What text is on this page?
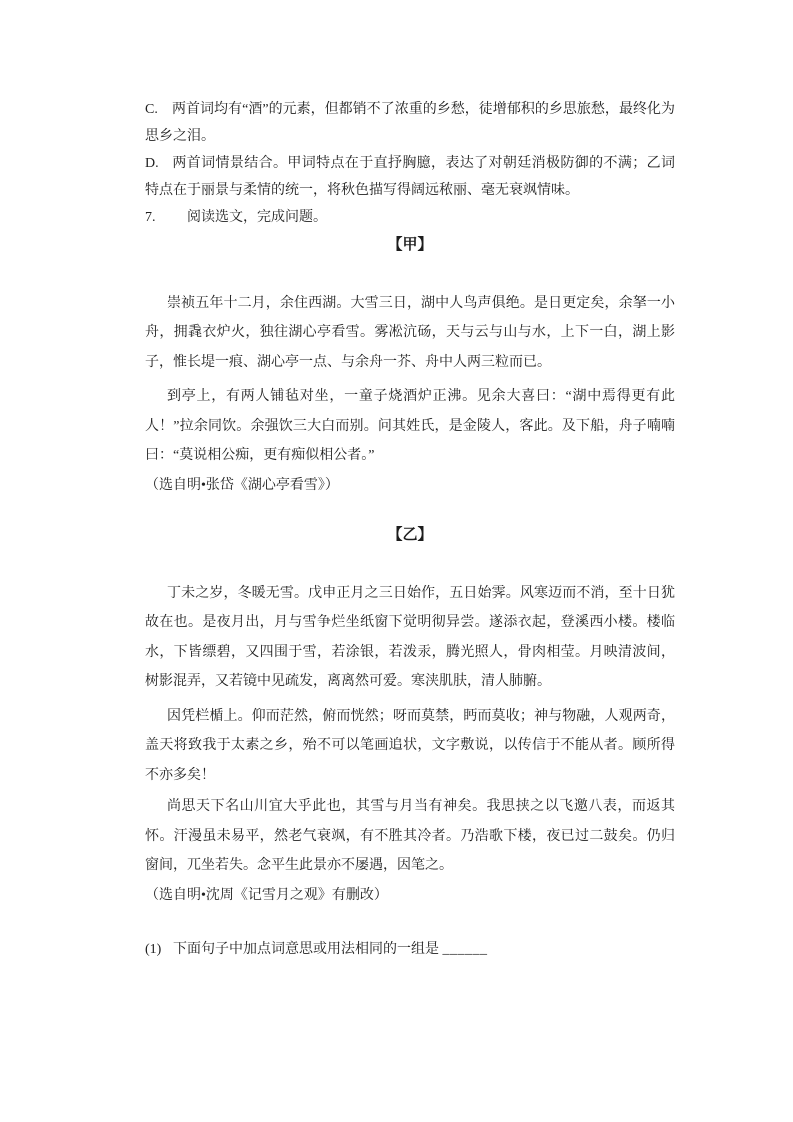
C. 两首词均有“酒”的元素，但都销不了浓重的乡愁，徒增郁积的乡思旅愁，最终化为思乡之泪。

D. 两首词情景结合。甲词特点在于直抒胸臆，表达了对朝廷消极防御的不满；乙词特点在于丽景与柔情的统一，将秋色描写得阔远秾丽、毫无衰飒情味。

7. 阅读选文，完成问题。

【甲】

崇祯五年十二月，余住西湖。大雪三日，湖中人鸟声俱绝。是日更定矣，余拏一小舟，拥毳衣炉火，独往湖心亭看雪。雾凇沆砀，天与云与山与水，上下一白，湖上影子，惟长堤一痕、湖心亭一点、与余舟一芥、舟中人两三粒而已。

到亭上，有两人铺毡对坐，一童子烧酒炉正沸。见余大喜曰：“湖中焉得更有此人！”拉余同饮。余强饮三大白而别。问其姓氏，是金陵人，客此。及下船，舟子喃喃曰：“莫说相公痴，更有痴似相公者。”

（选自明•张岱《湖心亭看雪》）

【乙】

丁未之岁，冬暖无雪。戊申正月之三日始作，五日始霁。风寒迈而不消，至十日犹故在也。是夜月出，月与雪争烂坐纸窗下觉明彻异尝。遂添衣起，登溪西小楼。楼临水，下皆缥碧，又四围于雪，若涂银，若泼汞，腾光照人，骨肉相莹。月映清波间，树影混弄，又若镜中见疏发，离离然可爱。寒浃肌肤，清人肺腑。

因凭栏楯上。仰而茫然，俯而恍然；呀而莫禁，眄而莫收；神与物融，人观两奇，盖天将致我于太素之乡，殆不可以笔画追状，文字敷说，以传信于不能从者。顾所得不亦多矣！

尚思天下名山川宜大乎此也，其雪与月当有神矣。我思挟之以飞邀八表，而返其怀。汗漫虽未易平，然老气衰飒，有不胜其冷者。乃浩歌下楼，夜已过二鼓矣。仍归窗间，兀坐若失。念平生此景亦不屡遇，因笔之。

（选自明•沈周《记雪月之观》有删改）

(1) 下面句子中加点词意思或用法相同的一组是 ______
